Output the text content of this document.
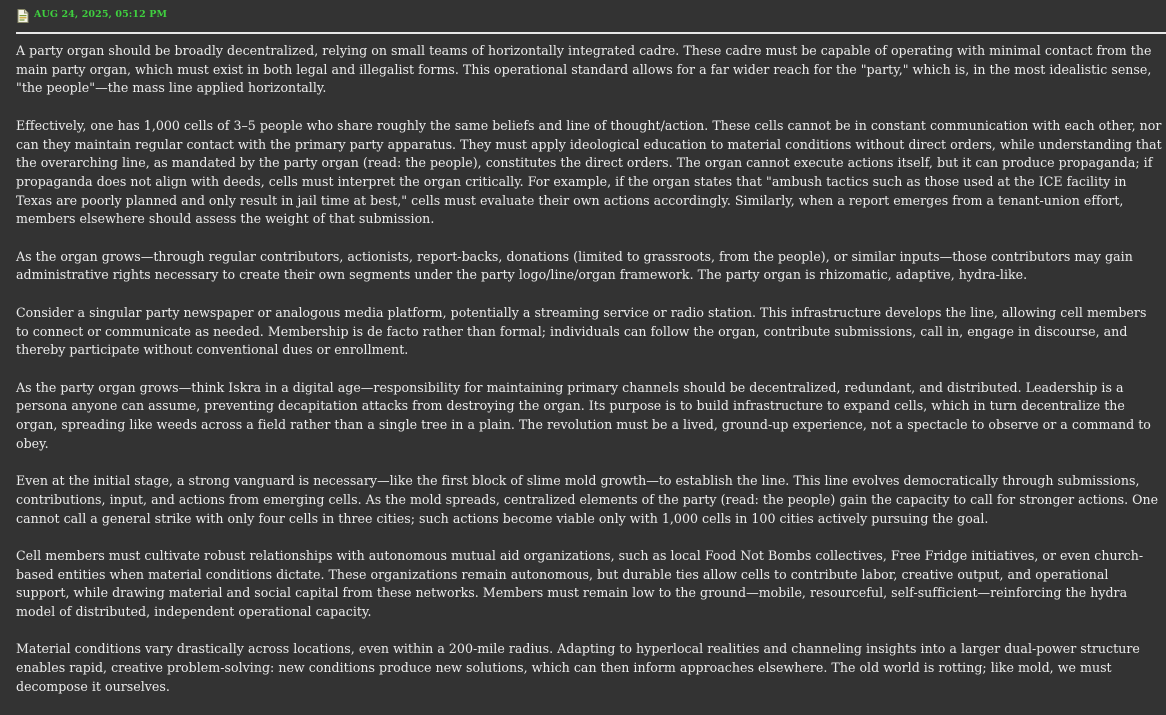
AUG 24, 2025, 05:12 PM

A party organ should be broadly decentralized, relying on small teams of horizontally integrated cadre. These cadre must be capable of operating with minimal contact from the main party organ, which must exist in both legal and illegalist forms. This operational standard allows for a far wider reach for the "party," which is, in the most idealistic sense, "the people"—the mass line applied horizontally.

Effectively, one has 1,000 cells of 3–5 people who share roughly the same beliefs and line of thought/action. These cells cannot be in constant communication with each other, nor can they maintain regular contact with the primary party apparatus. They must apply ideological education to material conditions without direct orders, while understanding that the overarching line, as mandated by the party organ (read: the people), constitutes the direct orders. The organ cannot execute actions itself, but it can produce propaganda; if propaganda does not align with deeds, cells must interpret the organ critically. For example, if the organ states that "ambush tactics such as those used at the ICE facility in Texas are poorly planned and only result in jail time at best," cells must evaluate their own actions accordingly. Similarly, when a report emerges from a tenant-union effort, members elsewhere should assess the weight of that submission.

As the organ grows—through regular contributors, actionists, report-backs, donations (limited to grassroots, from the people), or similar inputs—those contributors may gain administrative rights necessary to create their own segments under the party logo/line/organ framework. The party organ is rhizomatic, adaptive, hydra-like.

Consider a singular party newspaper or analogous media platform, potentially a streaming service or radio station. This infrastructure develops the line, allowing cell members to connect or communicate as needed. Membership is de facto rather than formal; individuals can follow the organ, contribute submissions, call in, engage in discourse, and thereby participate without conventional dues or enrollment.

As the party organ grows—think Iskra in a digital age—responsibility for maintaining primary channels should be decentralized, redundant, and distributed. Leadership is a persona anyone can assume, preventing decapitation attacks from destroying the organ. Its purpose is to build infrastructure to expand cells, which in turn decentralize the organ, spreading like weeds across a field rather than a single tree in a plain. The revolution must be a lived, ground-up experience, not a spectacle to observe or a command to obey.

Even at the initial stage, a strong vanguard is necessary—like the first block of slime mold growth—to establish the line. This line evolves democratically through submissions, contributions, input, and actions from emerging cells. As the mold spreads, centralized elements of the party (read: the people) gain the capacity to call for stronger actions. One cannot call a general strike with only four cells in three cities; such actions become viable only with 1,000 cells in 100 cities actively pursuing the goal.

Cell members must cultivate robust relationships with autonomous mutual aid organizations, such as local Food Not Bombs collectives, Free Fridge initiatives, or even church-based entities when material conditions dictate. These organizations remain autonomous, but durable ties allow cells to contribute labor, creative output, and operational support, while drawing material and social capital from these networks. Members must remain low to the ground—mobile, resourceful, self-sufficient—reinforcing the hydra model of distributed, independent operational capacity.

Material conditions vary drastically across locations, even within a 200-mile radius. Adapting to hyperlocal realities and channeling insights into a larger dual-power structure enables rapid, creative problem-solving: new conditions produce new solutions, which can then inform approaches elsewhere. The old world is rotting; like mold, we must decompose it ourselves.
